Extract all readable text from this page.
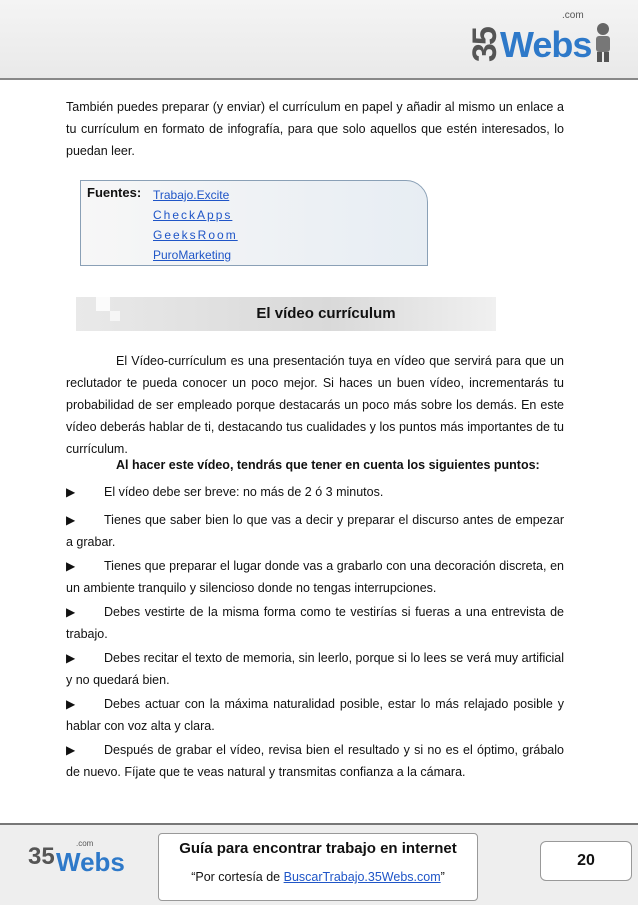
35
.com
Webs
También puedes preparar (y enviar) el currículum en papel y añadir al mismo un enlace a tu currículum en formato de infografía, para que solo aquellos que estén interesados, lo puedan leer.
Fuentes: Trabajo.Excite
CheckApps
GeeksRoom
PuroMarketing
El vídeo currículum
El Vídeo-currículum es una presentación tuya en vídeo que servirá para que un reclutador te pueda conocer un poco mejor. Si haces un buen vídeo, incrementarás tu probabilidad de ser empleado porque destacarás un poco más sobre los demás. En este vídeo deberás hablar de ti, destacando tus cualidades y los puntos más importantes de tu currículum.
Al hacer este vídeo, tendrás que tener en cuenta los siguientes puntos:
▶ El vídeo debe ser breve: no más de 2 ó 3 minutos.
▶ Tienes que saber bien lo que vas a decir y preparar el discurso antes de empezar a grabar.
▶ Tienes que preparar el lugar donde vas a grabarlo con una decoración discreta, en un ambiente tranquilo y silencioso donde no tengas interrupciones.
▶ Debes vestirte de la misma forma como te vestirías si fueras a una entrevista de trabajo.
▶ Debes recitar el texto de memoria, sin leerlo, porque si lo lees se verá muy artificial y no quedará bien.
▶ Debes actuar con la máxima naturalidad posible, estar lo más relajado posible y hablar con voz alta y clara.
▶ Después de grabar el vídeo, revisa bien el resultado y si no es el óptimo, grábalo de nuevo. Fíjate que te veas natural y transmitas confianza a la cámara.
35	.com
Webs	Guía para encontrar trabajo en internet
“Por cortesía de BuscarTrabajo.35Webs.com”
20
